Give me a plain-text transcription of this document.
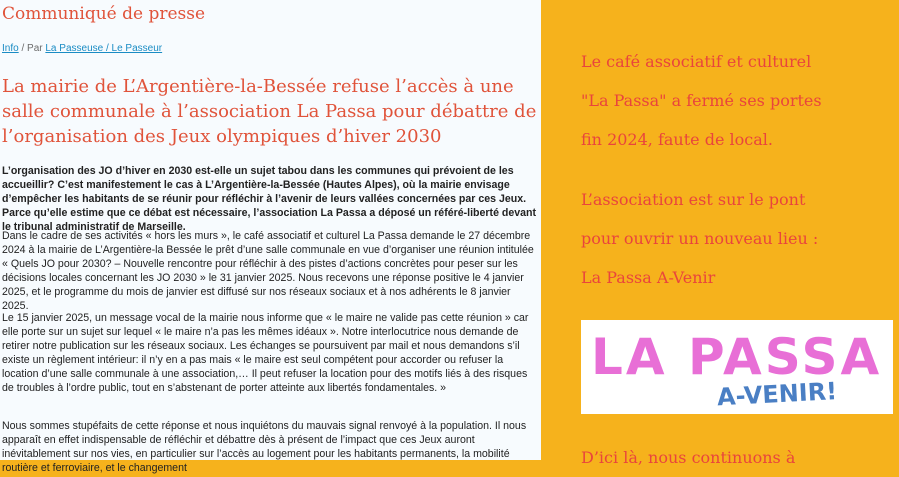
Communiqué de presse
Info / Par La Passeuse / Le Passeur
La mairie de L’Argentière-la-Bessée refuse l’accès à une salle communale à l’association La Passa pour débattre de l’organisation des Jeux olympiques d’hiver 2030

L’organisation des JO d’hiver en 2030 est-elle un sujet tabou dans les communes qui prévoient de les accueillir? C’est manifestement le cas à L’Argentière-la-Bessée (Hautes Alpes), où la mairie envisage d’empêcher les habitants de se réunir pour réfléchir à l’avenir de leurs vallées concernées par ces Jeux. Parce qu’elle estime que ce débat est nécessaire, l’association La Passa a déposé un référé-liberté devant le tribunal administratif de Marseille.

Dans le cadre de ses activités « hors les murs », le café associatif et culturel La Passa demande le 27 décembre 2024 à la mairie de L’Argentière-la Bessée le prêt d’une salle communale en vue d’organiser une réunion intitulée « Quels JO pour 2030? – Nouvelle rencontre pour réfléchir à des pistes d’actions concrètes pour peser sur les décisions locales concernant les JO 2030 » le 31 janvier 2025. Nous recevons une réponse positive le 4 janvier 2025, et le programme du mois de janvier est diffusé sur nos réseaux sociaux et à nos adhérents le 8 janvier 2025.

Le 15 janvier 2025, un message vocal de la mairie nous informe que « le maire ne valide pas cette réunion » car elle porte sur un sujet sur lequel « le maire n’a pas les mêmes idéaux ». Notre interlocutrice nous demande de retirer notre publication sur les réseaux sociaux. Les échanges se poursuivent par mail et nous demandons s’il existe un règlement intérieur: il n’y en a pas mais « le maire est seul compétent pour accorder ou refuser la location d’une salle communale à une association,… Il peut refuser la location pour des motifs liés à des risques de troubles à l’ordre public, tout en s’abstenant de porter atteinte aux libertés fondamentales. »

Nous sommes stupéfaits de cette réponse et nous inquiétons du mauvais signal renvoyé à la population. Il nous apparaît en effet indispensable de réfléchir et débattre dès à présent de l’impact que ces Jeux auront inévitablement sur nos vies, en particulier sur l’accès au logement pour les habitants permanents, la mobilité routière et ferroviaire, et le changement

Le café associatif et culturel
"La Passa" a fermé ses portes
fin 2024, faute de local.
L’association est sur le pont
pour ouvrir un nouveau lieu :
La Passa A-Venir
LA PASSA
A-VENIR!
D’ici là, nous continuons à
